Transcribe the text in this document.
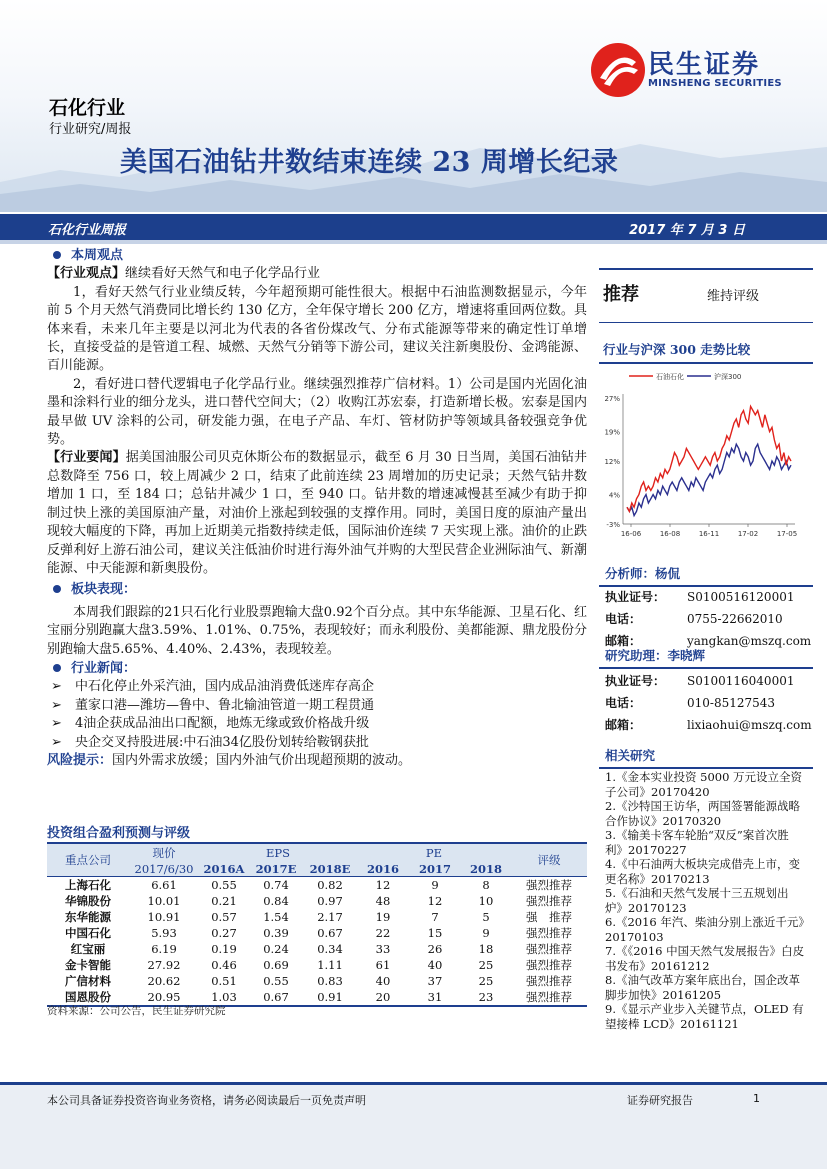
石化行业
行业研究/周报
美国石油钻井数结束连续 23 周增长纪录
民生证券
MINSHENG SECURITIES
石化行业周报	2017 年 7 月 3 日

本周观点

【行业观点】继续看好天然气和电子化学品行业

1，看好天然气行业业绩反转，今年超预期可能性很大。根据中石油监测数据显示，今年前 5 个月天然气消费同比增长约 130 亿方，全年保守增长 200 亿方，增速将重回两位数。具体来看，未来几年主要是以河北为代表的各省份煤改气、分布式能源等带来的确定性订单增长，直接受益的是管道工程、城燃、天然气分销等下游公司，建议关注新奥股份、金鸿能源、百川能源。

2，看好进口替代逻辑电子化学品行业。继续强烈推荐广信材料。1）公司是国内光固化油墨和涂料行业的细分龙头，进口替代空间大；（2）收购江苏宏泰，打造新增长极。宏泰是国内最早做 UV 涂料的公司，研发能力强，在电子产品、车灯、管材防护等领域具备较强竞争优势。

【行业要闻】据美国油服公司贝克休斯公布的数据显示，截至 6 月 30 日当周，美国石油钻井总数降至 756 口，较上周减少 2 口，结束了此前连续 23 周增加的历史记录；天然气钻井数增加 1 口，至 184 口；总钻井减少 1 口，至 940 口。钻井数的增速减慢甚至减少有助于抑制过快上涨的美国原油产量，对油价上涨起到较强的支撑作用。同时，美国日度的原油产量出现较大幅度的下降，再加上近期美元指数持续走低，国际油价连续 7 天实现上涨。油价的止跌反弹利好上游石油公司，建议关注低油价时进行海外油气并购的大型民营企业洲际油气、新潮能源、中天能源和新奥股份。

板块表现：

本周我们跟踪的21只石化行业股票跑输大盘0.92个百分点。其中东华能源、卫星石化、红宝丽分别跑赢大盘3.59%、1.01%、0.75%，表现较好；而永利股份、美都能源、鼎龙股份分别跑输大盘5.65%、4.40%、2.43%，表现较差。

行业新闻：

➢ 中石化停止外采汽油，国内成品油消费低迷库存高企

➢ 董家口港—潍坊—鲁中、鲁北输油管道一期工程贯通

➢ 4油企获成品油出口配额，地炼无缘或致价格战升级

➢ 央企交叉持股进展:中石油34亿股份划转给鞍钢获批

风险提示：国内外需求放缓；国内外油气价出现超预期的波动。

投资组合盈利预测与评级
重点公司	现价	EPS			PE			评级
	2017/6/30	2016A	2017E	2018E	2016	2017	2018	
上海石化	6.61	0.55	0.74	0.82	12	9	8	强烈推荐
华锦股份	10.01	0.21	0.84	0.97	48	12	10	强烈推荐
东华能源	10.91	0.57	1.54	2.17	19	7	5	强　推荐
中国石化	5.93	0.27	0.39	0.67	22	15	9	强烈推荐
红宝丽	6.19	0.19	0.24	0.34	33	26	18	强烈推荐
金卡智能	27.92	0.46	0.69	1.11	61	40	25	强烈推荐
广信材料	20.62	0.51	0.55	0.83	40	37	25	强烈推荐
国恩股份	20.95	1.03	0.67	0.91	20	31	23	强烈推荐
资料来源：公司公告，民生证券研究院
推荐	维持评级
行业与沪深 300 走势比较
石油石化	沪深300
27%
19%
12%
4%
-3%
16-06	16-08	16-11	17-02	17-05
分析师：杨侃
执业证号： S0100516120001
电话：	0755-22662010
邮箱：	yangkan@mszq.com
研究助理：李晓辉
执业证号： S0100116040001
电话：	010-85127543
邮箱：	lixiaohui@mszq.com
相关研究
1.《金本实业投资 5000 万元设立全资子公司》20170420
2.《沙特国王访华，两国签署能源战略合作协议》20170320
3.《输美卡客车轮胎“双反”案首次胜利》20170227
4.《中石油两大板块完成借壳上市，变更名称》20170213
5.《石油和天然气发展十三五规划出炉》20170123
6.《2016 年汽、柴油分别上涨近千元》20170103
7.《《2016 中国天然气发展报告》白皮书发布》20161212
8.《油气改革方案年底出台，国企改革脚步加快》20161205
9.《显示产业步入关键节点，OLED 有望接棒 LCD》20161121
本公司具备证券投资咨询业务资格，请务必阅读最后一页免责声明	证券研究报告	1
